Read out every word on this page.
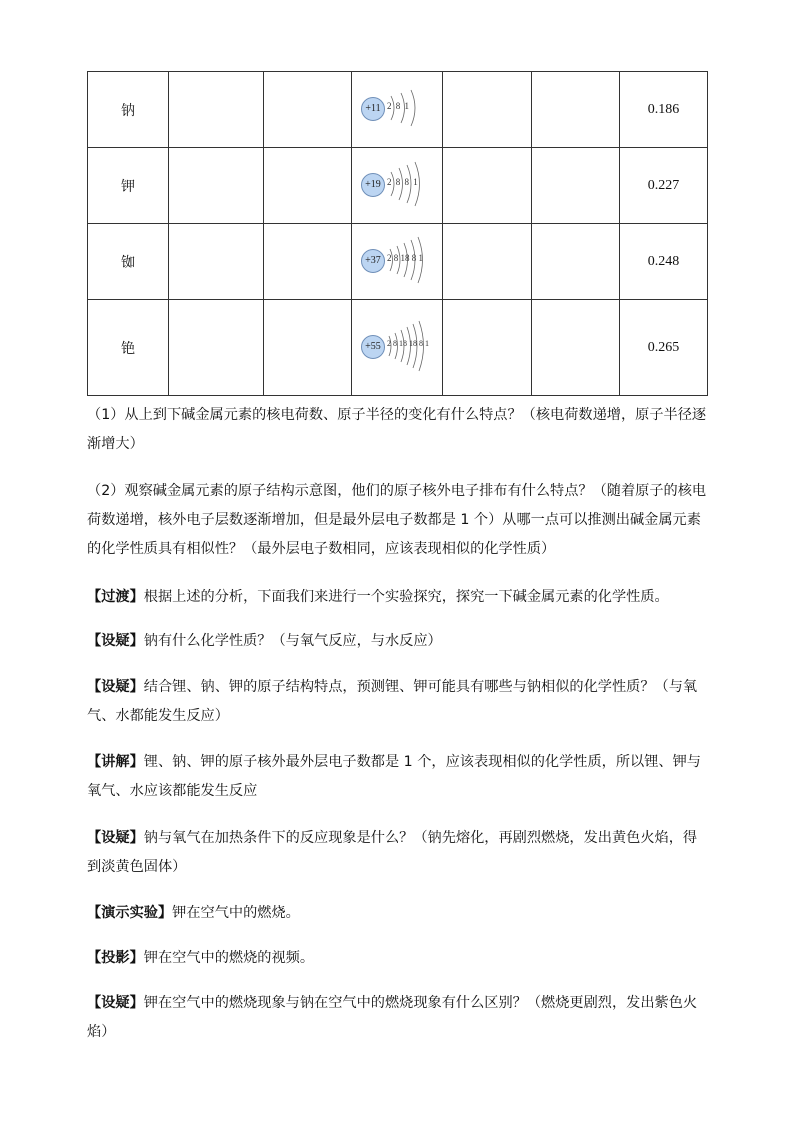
钠			+11 2 8 1			0.186
钾			+19 2 8 8 1			0.227
铷			+37 2 8 18 8 1			0.248
铯			+55 2 8 18 18 8 1			0.265
（1）从上到下碱金属元素的核电荷数、原子半径的变化有什么特点？（核电荷数递增，原子半径逐渐增大）
（2）观察碱金属元素的原子结构示意图，他们的原子核外电子排布有什么特点？（随着原子的核电荷数递增，核外电子层数逐渐增加，但是最外层电子数都是 1 个）从哪一点可以推测出碱金属元素的化学性质具有相似性？（最外层电子数相同，应该表现相似的化学性质）
【过渡】根据上述的分析，下面我们来进行一个实验探究，探究一下碱金属元素的化学性质。
【设疑】钠有什么化学性质？（与氧气反应，与水反应）
【设疑】结合锂、钠、钾的原子结构特点，预测锂、钾可能具有哪些与钠相似的化学性质？（与氧气、水都能发生反应）
【讲解】锂、钠、钾的原子核外最外层电子数都是 1 个，应该表现相似的化学性质，所以锂、钾与氧气、水应该都能发生反应
【设疑】钠与氧气在加热条件下的反应现象是什么？（钠先熔化，再剧烈燃烧，发出黄色火焰，得到淡黄色固体）
【演示实验】钾在空气中的燃烧。
【投影】钾在空气中的燃烧的视频。
【设疑】钾在空气中的燃烧现象与钠在空气中的燃烧现象有什么区别？（燃烧更剧烈，发出紫色火焰）
